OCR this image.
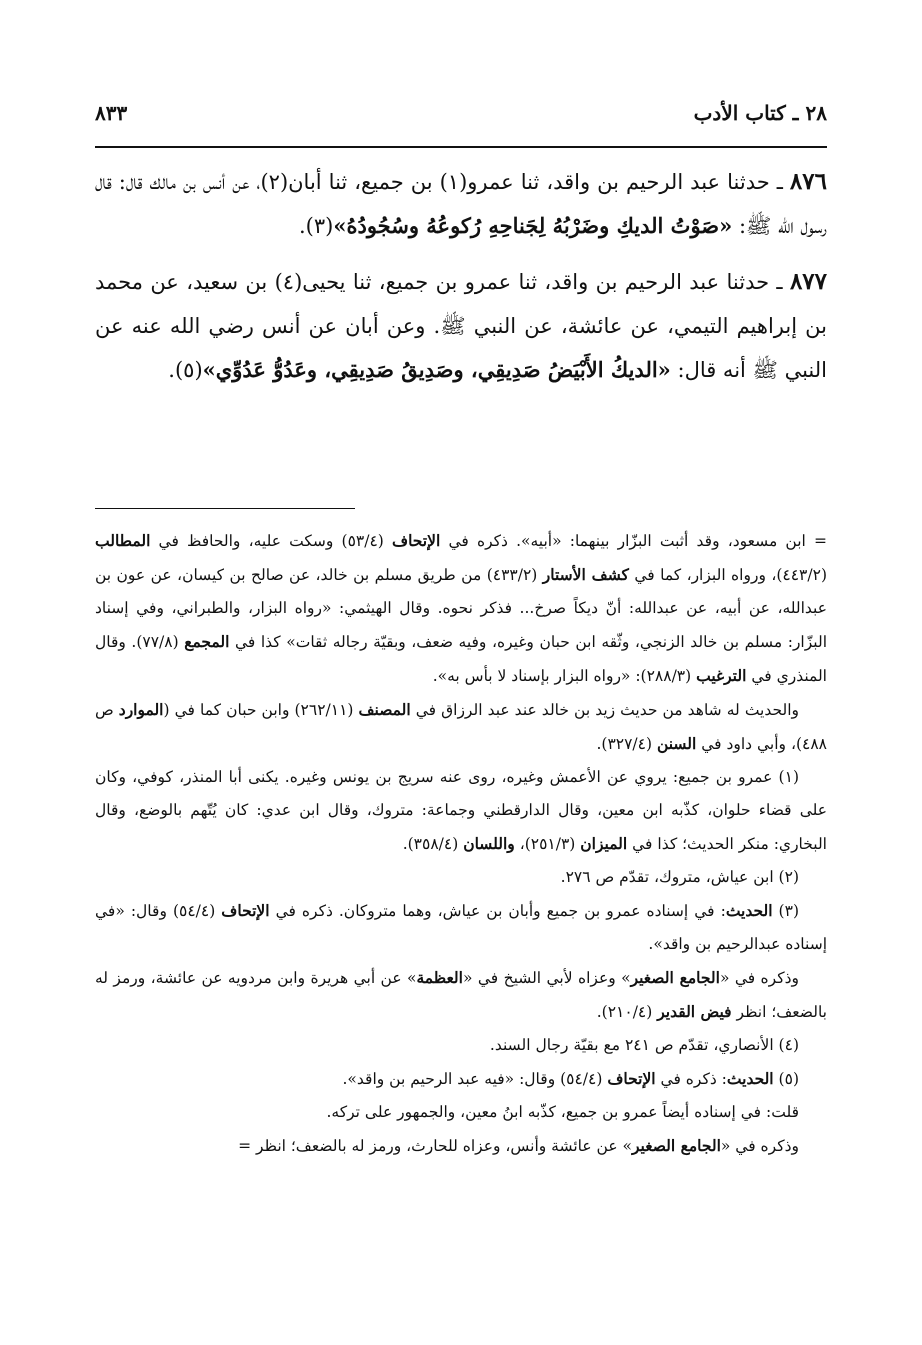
٢٨ ـ كتاب الأدب
٨٣٣

٨٧٦ ـ حدثنا عبد الرحيم بن واقد، ثنا عمرو(١) بن جميع، ثنا أبان(٢)، عن أنس بن مالك قال: قال رسول الله ﷺ: «صَوْتُ الديكِ وضَرْبُهُ لِجَناحِهِ رُكوعُهُ وسُجُودُهُ»(٣).

٨٧٧ ـ حدثنا عبد الرحيم بن واقد، ثنا عمرو بن جميع، ثنا يحيى(٤) بن سعيد، عن محمد بن إبراهيم التيمي، عن عائشة، عن النبي ﷺ. وعن أبان عن أنس رضي الله عنه عن النبي ﷺ أنه قال: «الديكُ الأَبْيَضُ صَدِيقِي، وصَدِيقُ صَدِيقِي، وعَدُوُّ عَدُوِّي»(٥).

= ابن مسعود، وقد أثبت البزّار بينهما: «أبيه». ذكره في الإتحاف (٥٣/٤) وسكت عليه، والحافظ في المطالب (٤٤٣/٢)، ورواه البزار، كما في كشف الأستار (٤٣٣/٢) من طريق مسلم بن خالد، عن صالح بن كيسان، عن عون بن عبدالله، عن أبيه، عن عبدالله: أنّ ديكاً صرخ... فذكر نحوه. وقال الهيثمي: «رواه البزار، والطبراني، وفي إسناد البزّار: مسلم بن خالد الزنجي، وثّقه ابن حبان وغيره، وفيه ضعف، وبقيّة رجاله ثقات» كذا في المجمع (٧٧/٨). وقال المنذري في الترغيب (٢٨٨/٣): «رواه البزار بإسناد لا بأس به».

والحديث له شاهد من حديث زيد بن خالد عند عبد الرزاق في المصنف (٢٦٢/١١) وابن حبان كما في (الموارد ص ٤٨٨)، وأبي داود في السنن (٣٢٧/٤).

(١) عمرو بن جميع: يروي عن الأعمش وغيره، روى عنه سريج بن يونس وغيره. يكنى أبا المنذر، كوفي، وكان على قضاء حلوان، كذّبه ابن معين، وقال الدارقطني وجماعة: متروك، وقال ابن عدي: كان يُتّهم بالوضع، وقال البخاري: منكر الحديث؛ كذا في الميزان (٢٥١/٣)، واللسان (٣٥٨/٤).

(٢) ابن عياش، متروك، تقدّم ص ٢٧٦.

(٣) الحديث: في إسناده عمرو بن جميع وأبان بن عياش، وهما متروكان. ذكره في الإتحاف (٥٤/٤) وقال: «في إسناده عبدالرحيم بن واقد».

وذكره في «الجامع الصغير» وعزاه لأبي الشيخ في «العظمة» عن أبي هريرة وابن مردويه عن عائشة، ورمز له بالضعف؛ انظر فيض القدير (٢١٠/٤).

(٤) الأنصاري، تقدّم ص ٢٤١ مع بقيّة رجال السند.

(٥) الحديث: ذكره في الإتحاف (٥٤/٤) وقال: «فيه عبد الرحيم بن واقد».

قلت: في إسناده أيضاً عمرو بن جميع، كذّبه ابنُ معين، والجمهور على تركه.

وذكره في «الجامع الصغير» عن عائشة وأنس، وعزاه للحارث، ورمز له بالضعف؛ انظر =
